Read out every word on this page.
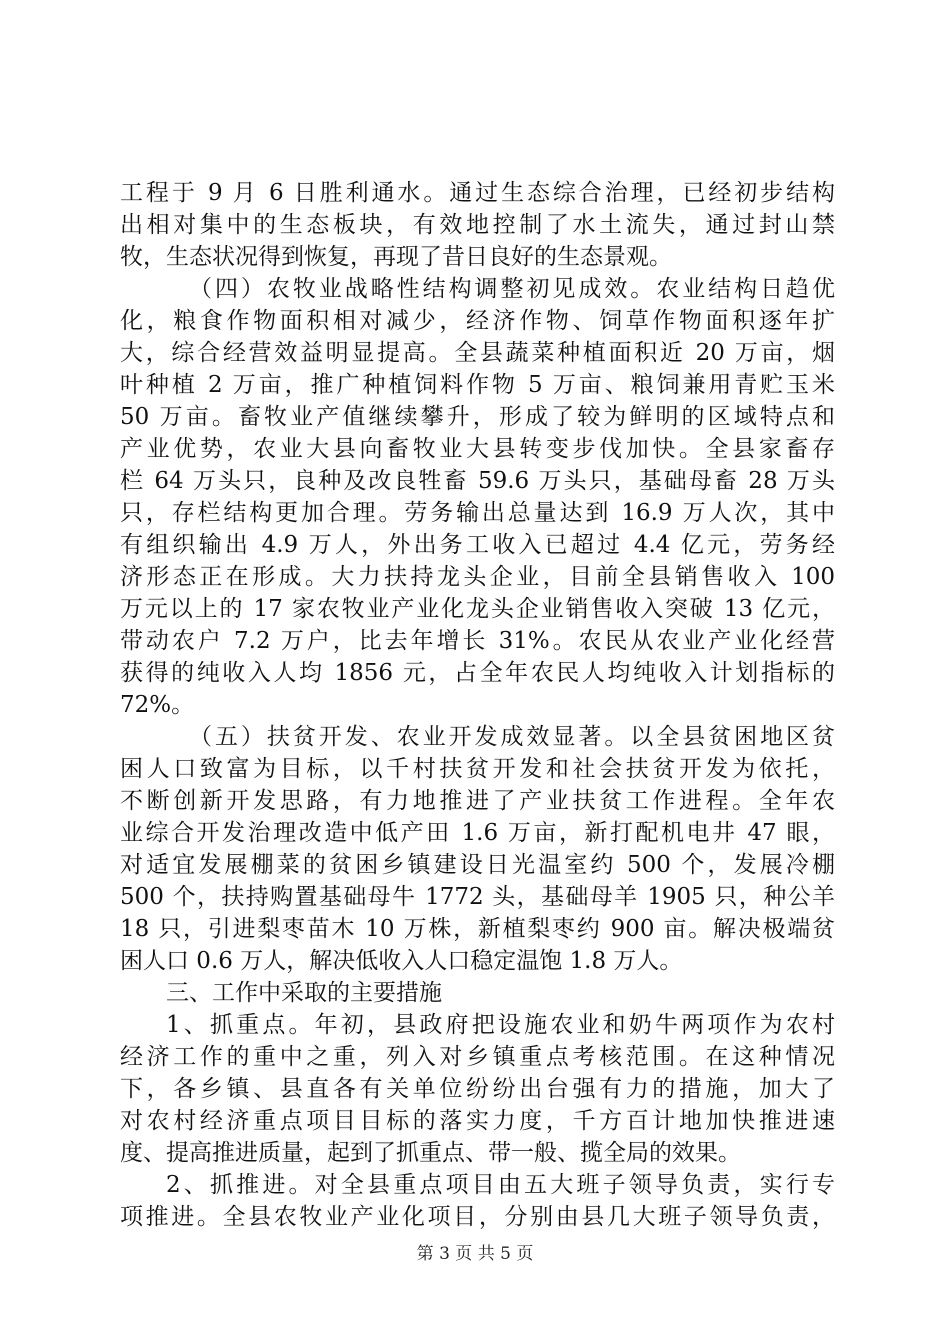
工程于 9 月 6 日胜利通水。通过生态综合治理，已经初步结构
出相对集中的生态板块，有效地控制了水土流失，通过封山禁
牧，生态状况得到恢复，再现了昔日良好的生态景观。
（四）农牧业战略性结构调整初见成效。农业结构日趋优
化，粮食作物面积相对减少，经济作物、饲草作物面积逐年扩
大，综合经营效益明显提高。全县蔬菜种植面积近 20 万亩，烟
叶种植 2 万亩，推广种植饲料作物 5 万亩、粮饲兼用青贮玉米
50 万亩。畜牧业产值继续攀升，形成了较为鲜明的区域特点和
产业优势，农业大县向畜牧业大县转变步伐加快。全县家畜存
栏 64 万头只，良种及改良牲畜 59.6 万头只，基础母畜 28 万头
只，存栏结构更加合理。劳务输出总量达到 16.9 万人次，其中
有组织输出 4.9 万人，外出务工收入已超过 4.4 亿元，劳务经
济形态正在形成。大力扶持龙头企业，目前全县销售收入 100
万元以上的 17 家农牧业产业化龙头企业销售收入突破 13 亿元，
带动农户 7.2 万户，比去年增长 31%。农民从农业产业化经营
获得的纯收入人均 1856 元，占全年农民人均纯收入计划指标的
72%。
（五）扶贫开发、农业开发成效显著。以全县贫困地区贫
困人口致富为目标，以千村扶贫开发和社会扶贫开发为依托，
不断创新开发思路，有力地推进了产业扶贫工作进程。全年农
业综合开发治理改造中低产田 1.6 万亩，新打配机电井 47 眼，
对适宜发展棚菜的贫困乡镇建设日光温室约 500 个，发展冷棚
500 个，扶持购置基础母牛 1772 头，基础母羊 1905 只，种公羊
18 只，引进梨枣苗木 10 万株，新植梨枣约 900 亩。解决极端贫
困人口 0.6 万人，解决低收入人口稳定温饱 1.8 万人。
三、工作中采取的主要措施
1、抓重点。年初，县政府把设施农业和奶牛两项作为农村
经济工作的重中之重，列入对乡镇重点考核范围。在这种情况
下，各乡镇、县直各有关单位纷纷出台强有力的措施，加大了
对农村经济重点项目目标的落实力度，千方百计地加快推进速
度、提高推进质量，起到了抓重点、带一般、揽全局的效果。
2、抓推进。对全县重点项目由五大班子领导负责，实行专
项推进。全县农牧业产业化项目，分别由县几大班子领导负责，
第 3 页 共 5 页
